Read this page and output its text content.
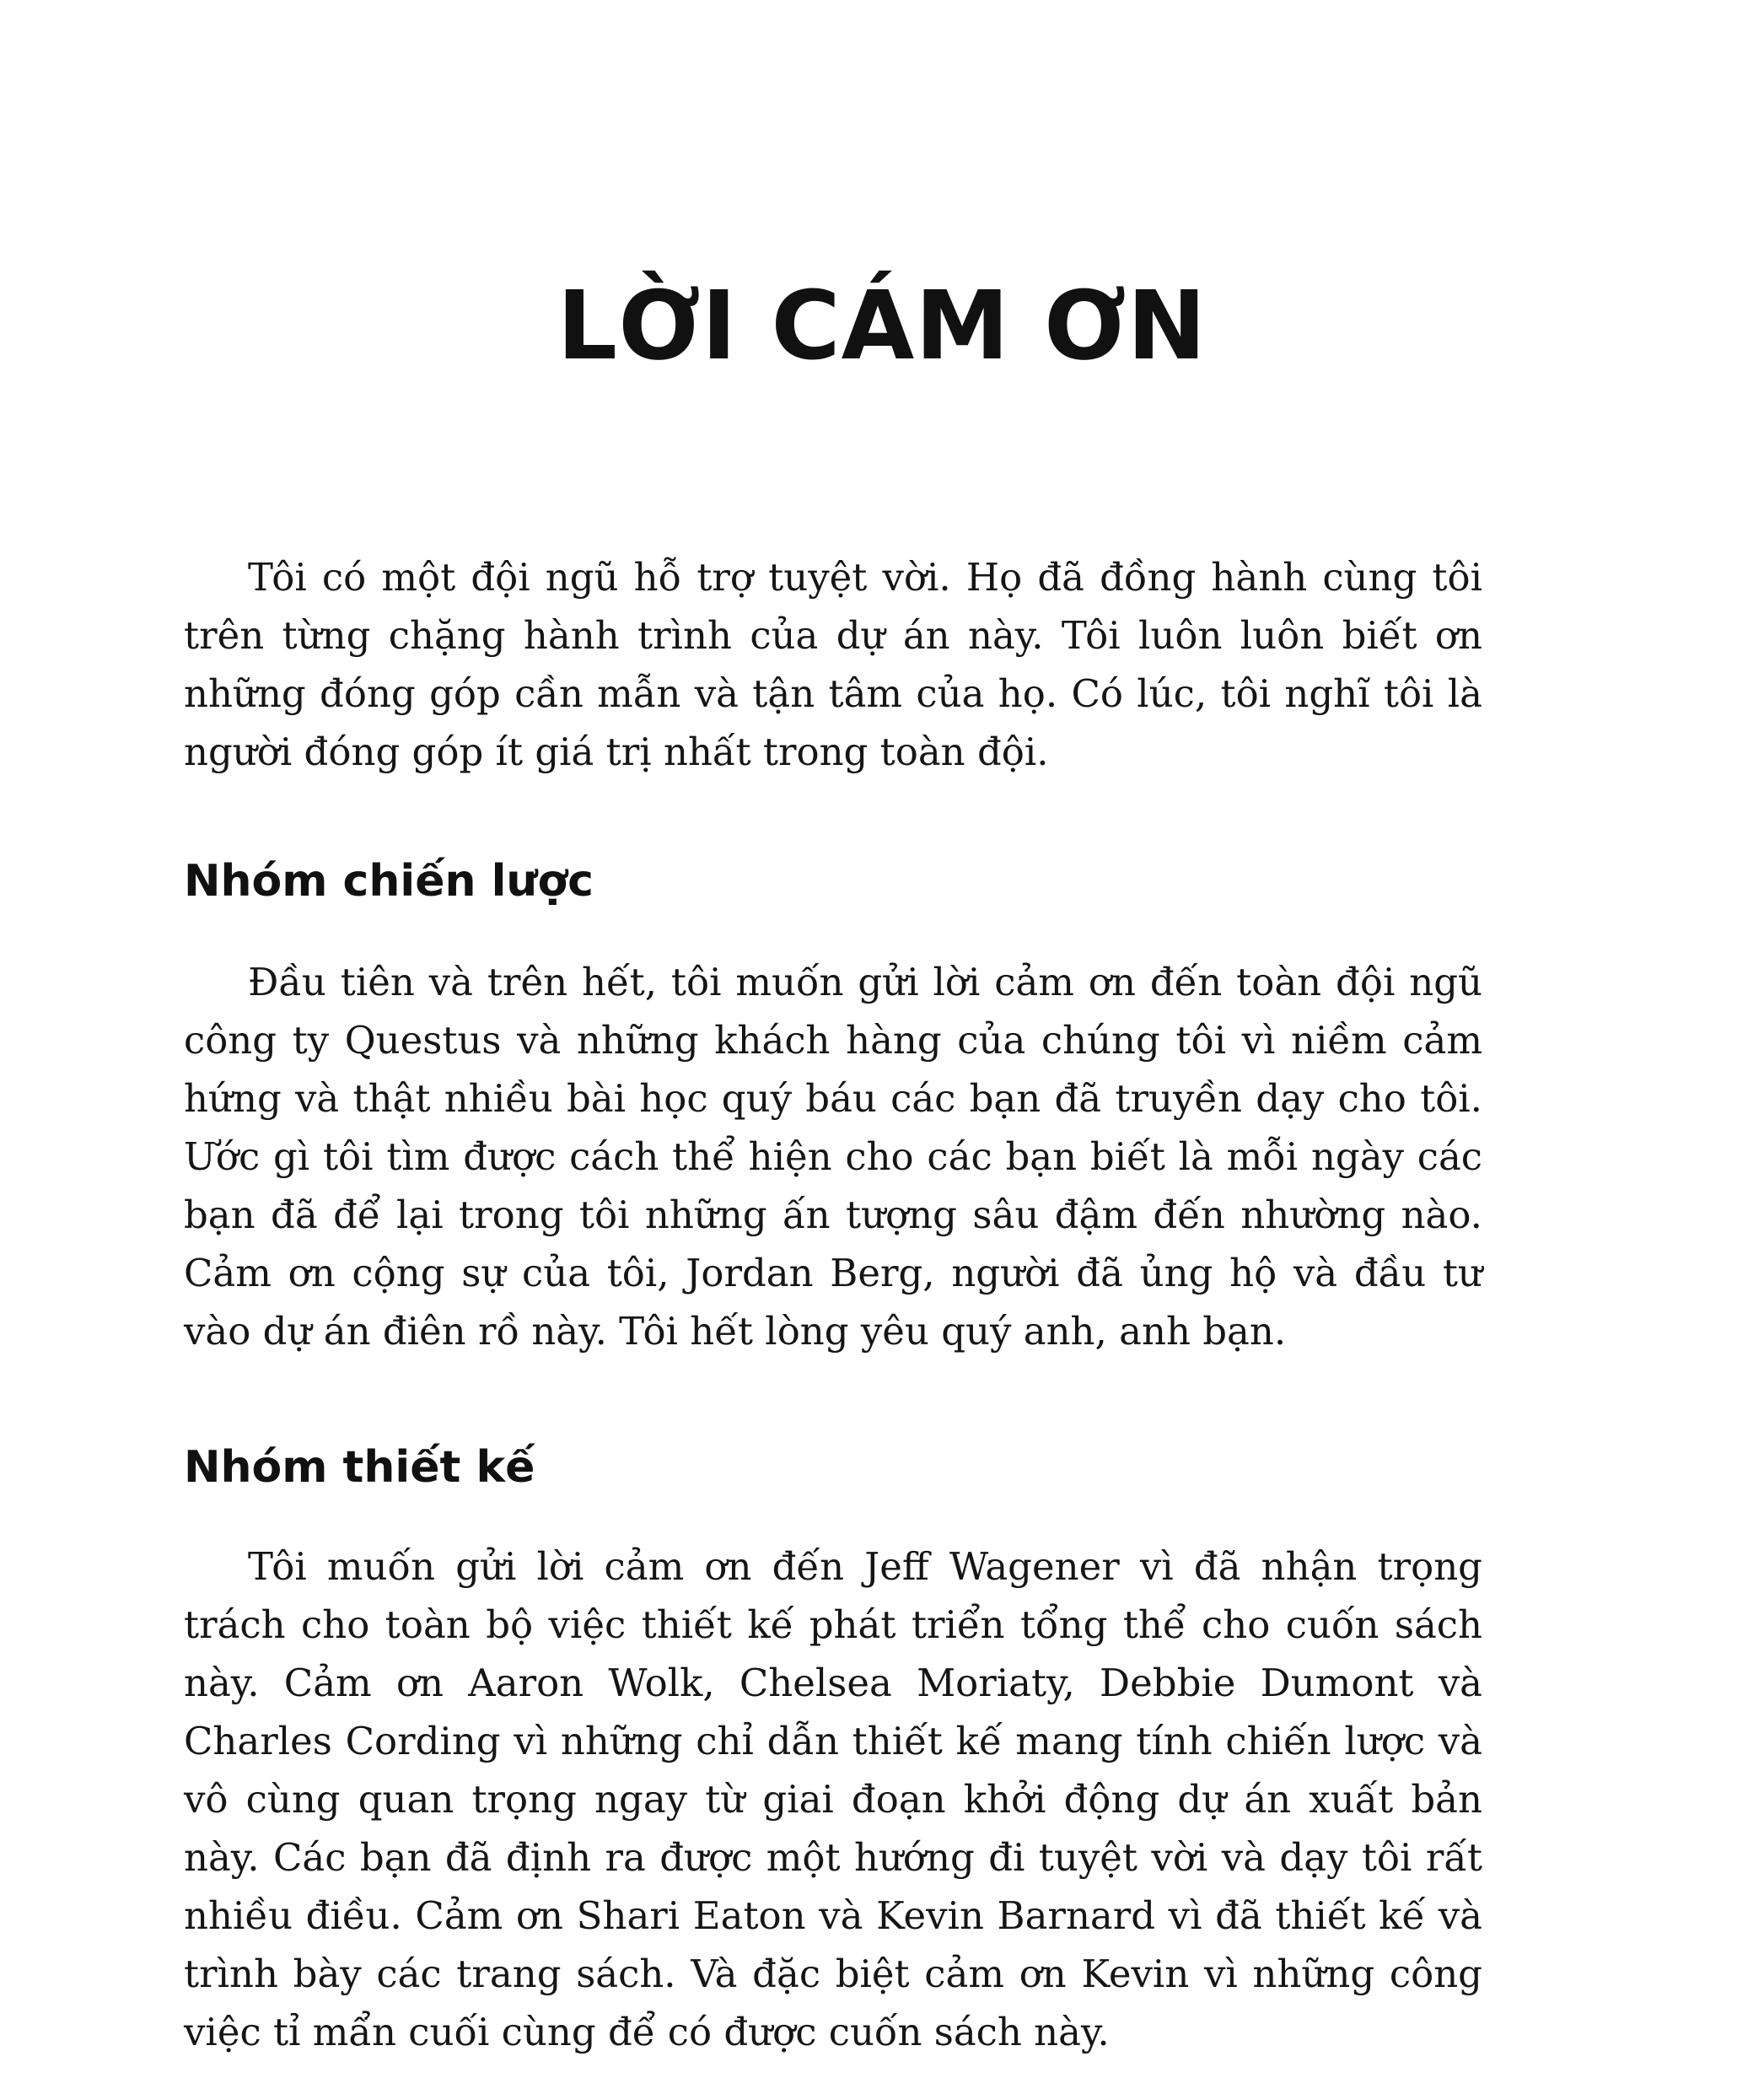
LỜI CÁM ƠN

Tôi có một đội ngũ hỗ trợ tuyệt vời. Họ đã đồng hành cùng tôi trên từng chặng hành trình của dự án này. Tôi luôn luôn biết ơn những đóng góp cần mẫn và tận tâm của họ. Có lúc, tôi nghĩ tôi là người đóng góp ít giá trị nhất trong toàn đội.

Nhóm chiến lược

Đầu tiên và trên hết, tôi muốn gửi lời cảm ơn đến toàn đội ngũ công ty Questus và những khách hàng của chúng tôi vì niềm cảm hứng và thật nhiều bài học quý báu các bạn đã truyền dạy cho tôi. Ước gì tôi tìm được cách thể hiện cho các bạn biết là mỗi ngày các bạn đã để lại trong tôi những ấn tượng sâu đậm đến nhường nào. Cảm ơn cộng sự của tôi, Jordan Berg, người đã ủng hộ và đầu tư vào dự án điên rồ này. Tôi hết lòng yêu quý anh, anh bạn.

Nhóm thiết kế

Tôi muốn gửi lời cảm ơn đến Jeff Wagener vì đã nhận trọng trách cho toàn bộ việc thiết kế phát triển tổng thể cho cuốn sách này. Cảm ơn Aaron Wolk, Chelsea Moriaty, Debbie Dumont và Charles Cording vì những chỉ dẫn thiết kế mang tính chiến lược và vô cùng quan trọng ngay từ giai đoạn khởi động dự án xuất bản này. Các bạn đã định ra được một hướng đi tuyệt vời và dạy tôi rất nhiều điều. Cảm ơn Shari Eaton và Kevin Barnard vì đã thiết kế và trình bày các trang sách. Và đặc biệt cảm ơn Kevin vì những công việc tỉ mẩn cuối cùng để có được cuốn sách này.
